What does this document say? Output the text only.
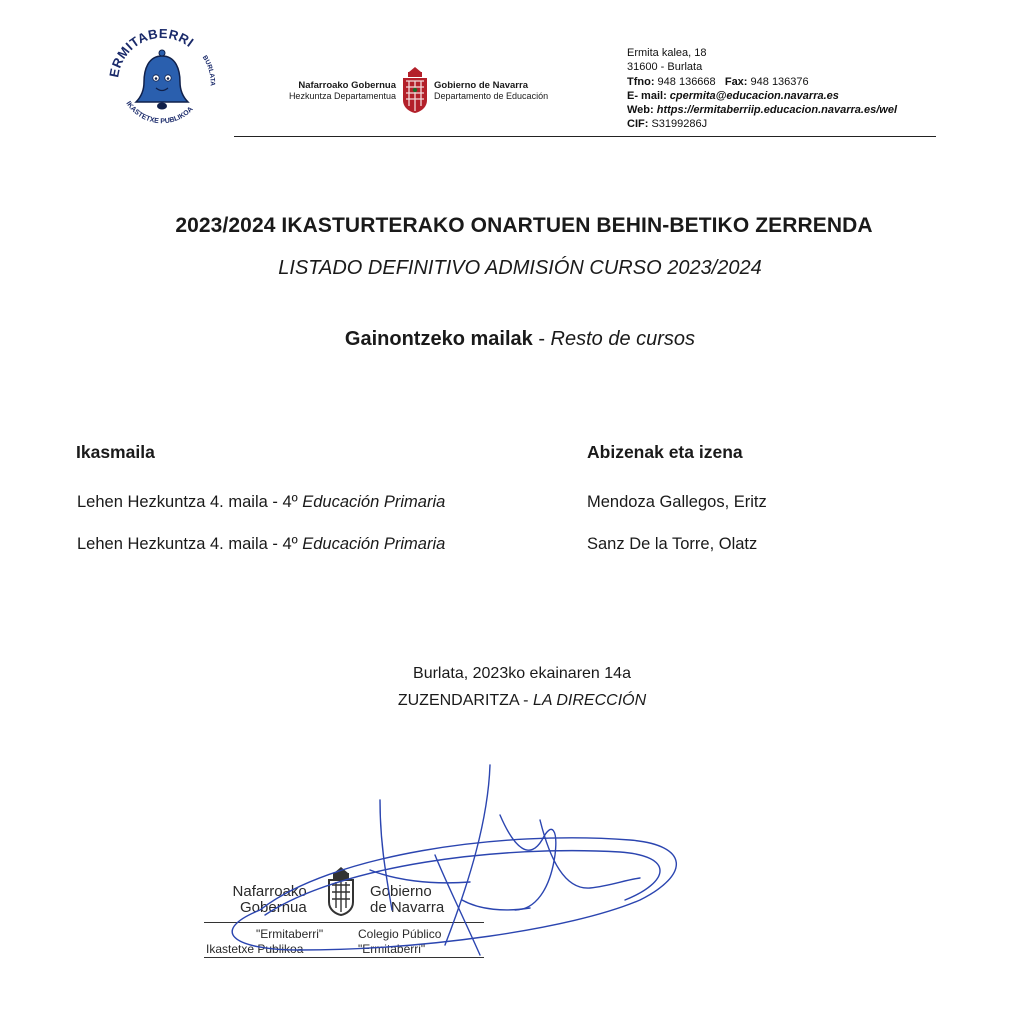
ERMITABERRI
IKASTETXE PUBLIKOA
BURLATA	Nafarroako Gobernua
Hezkuntza Departamentua
Gobierno de Navarra
Departamento de Educación
Ermita kalea, 18
31600 - Burlata
Tfno: 948 136668 Fax: 948 136376
E- mail: cpermita@educacion.navarra.es
Web: https://ermitaberriip.educacion.navarra.es/wel
CIF: S3199286J
2023/2024 IKASTURTERAKO ONARTUEN BEHIN-BETIKO ZERRENDA
LISTADO DEFINITIVO ADMISIÓN CURSO 2023/2024
Gainontzeko mailak - Resto de cursos
Ikasmaila	Abizenak eta izena
Lehen Hezkuntza 4. maila - 4º Educación Primaria	Mendoza Gallegos, Eritz
Lehen Hezkuntza 4. maila - 4º Educación Primaria	Sanz De la Torre, Olatz
Burlata, 2023ko ekainaren 14a
ZUZENDARITZA - LA DIRECCIÓN
Nafarroako
Gobernua
Gobierno
de Navarra
"Ermitaberri"
Ikastetxe Publikoa
Colegio Público
"Ermitaberri"
